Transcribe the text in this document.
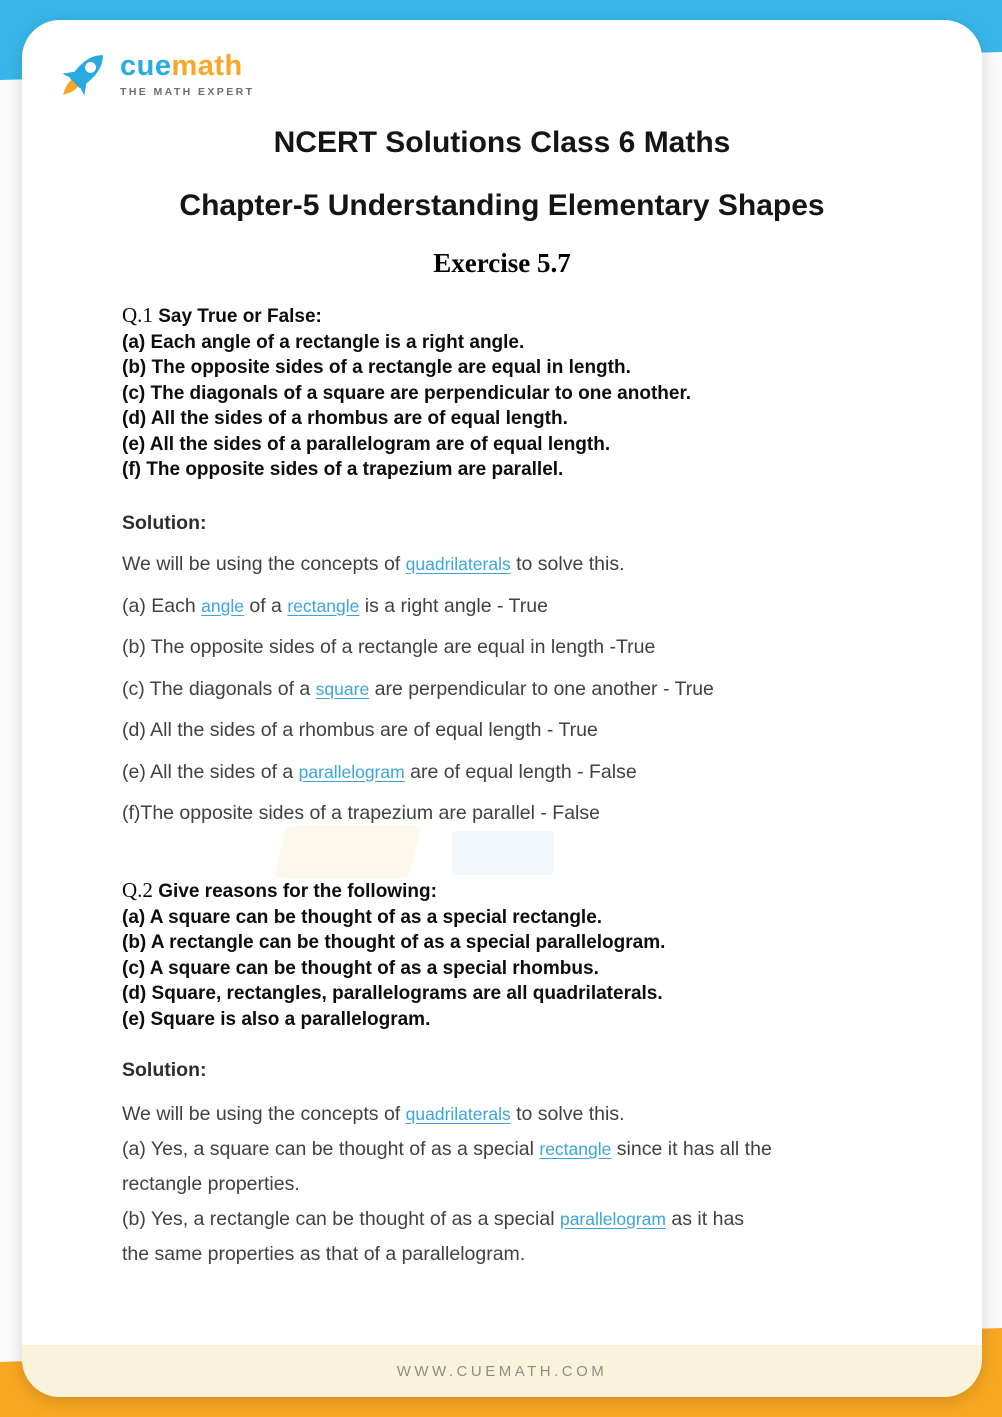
cuemath
THE MATH EXPERT
NCERT Solutions Class 6 Maths
Chapter-5 Understanding Elementary Shapes
Exercise 5.7
Q.1 Say True or False:
(a) Each angle of a rectangle is a right angle.
(b) The opposite sides of a rectangle are equal in length.
(c) The diagonals of a square are perpendicular to one another.
(d) All the sides of a rhombus are of equal length.
(e) All the sides of a parallelogram are of equal length.
(f) The opposite sides of a trapezium are parallel.
Solution:
We will be using the concepts of quadrilaterals to solve this.
(a) Each angle of a rectangle is a right angle - True
(b) The opposite sides of a rectangle are equal in length -True
(c) The diagonals of a square are perpendicular to one another - True
(d) All the sides of a rhombus are of equal length - True
(e) All the sides of a parallelogram are of equal length - False
(f)The opposite sides of a trapezium are parallel - False
Q.2 Give reasons for the following:
(a) A square can be thought of as a special rectangle.
(b) A rectangle can be thought of as a special parallelogram.
(c) A square can be thought of as a special rhombus.
(d) Square, rectangles, parallelograms are all quadrilaterals.
(e) Square is also a parallelogram.
Solution:
We will be using the concepts of quadrilaterals to solve this.
(a) Yes, a square can be thought of as a special rectangle since it has all the
rectangle properties.
(b) Yes, a rectangle can be thought of as a special parallelogram as it has
the same properties as that of a parallelogram.
WWW.CUEMATH.COM
